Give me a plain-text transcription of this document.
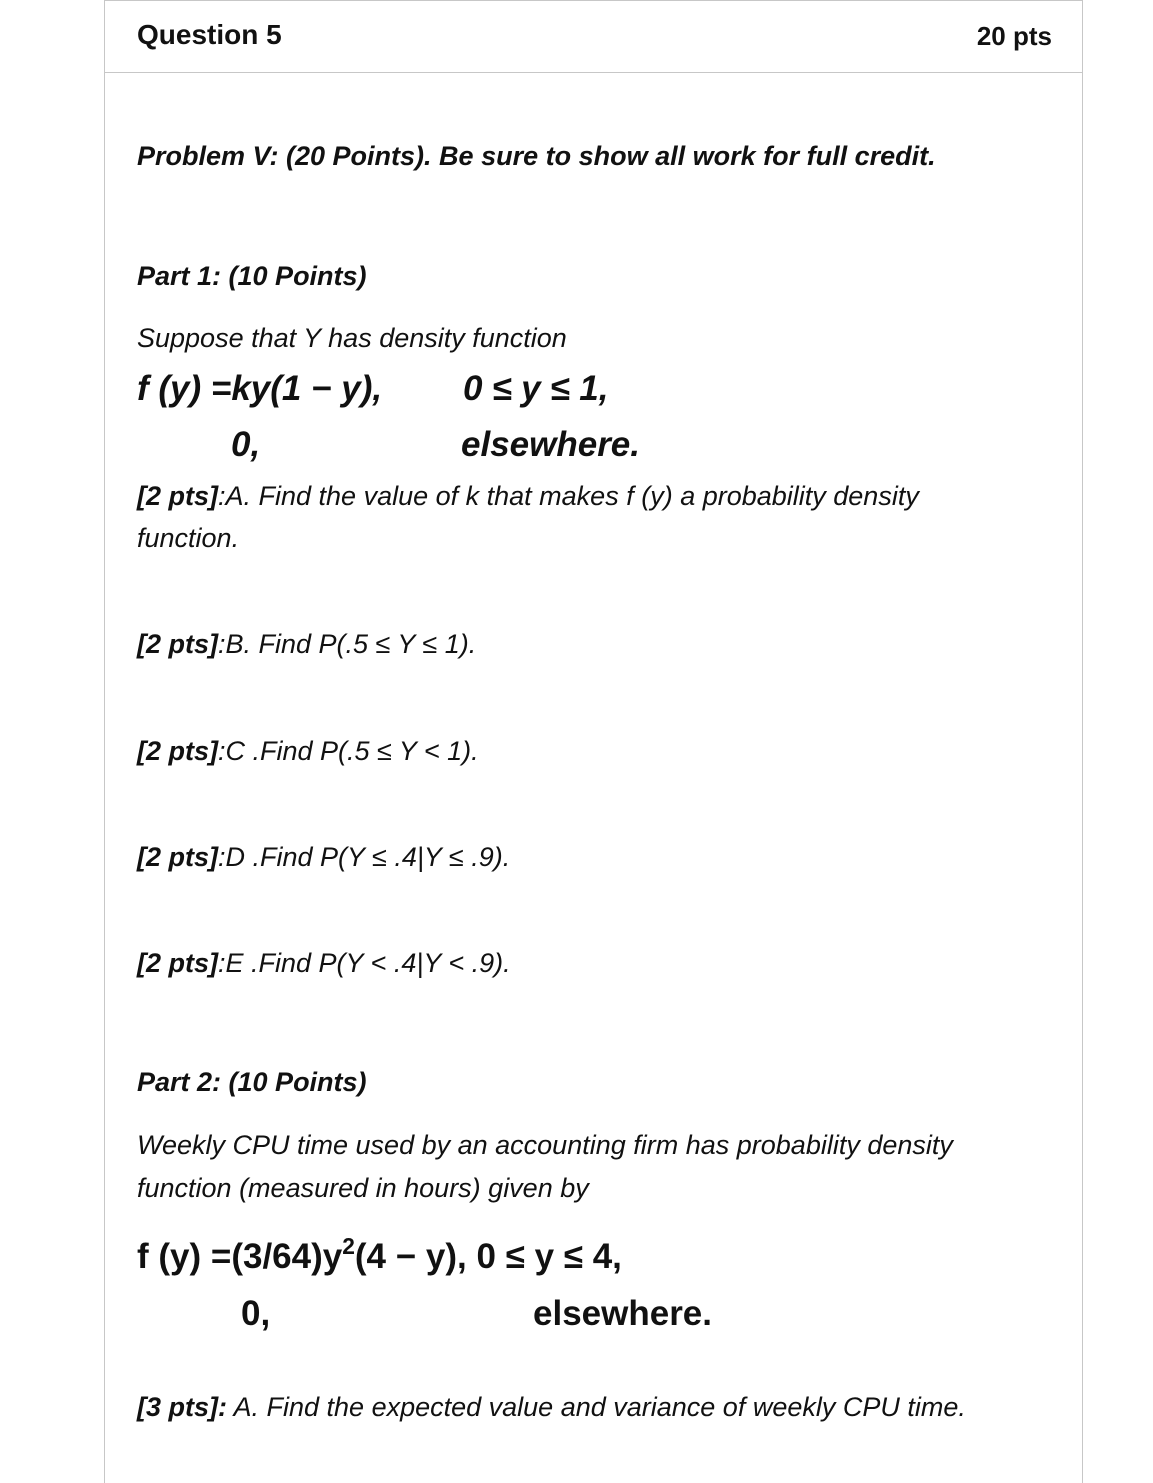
Question 5	20 pts
Problem V: (20 Points). Be sure to show all work for full credit.
Part 1: (10 Points)
Suppose that Y has density function
f (y) =ky(1 − y), 0 ≤ y ≤ 1,
0,	elsewhere.
[2 pts]:A. Find the value of k that makes f (y) a probability density
function.
[2 pts]:B. Find P(.5 ≤ Y ≤ 1).
[2 pts]:C .Find P(.5 ≤ Y < 1).
[2 pts]:D .Find P(Y ≤ .4|Y ≤ .9).
[2 pts]:E .Find P(Y < .4|Y < .9).
Part 2: (10 Points)
Weekly CPU time used by an accounting firm has probability density
function (measured in hours) given by
f $(y) =(3/64)y^2(4 - y)$, 0 ≤ y ≤ 4,
0,	elsewhere.
[3 pts]: A. Find the expected value and variance of weekly CPU time.
